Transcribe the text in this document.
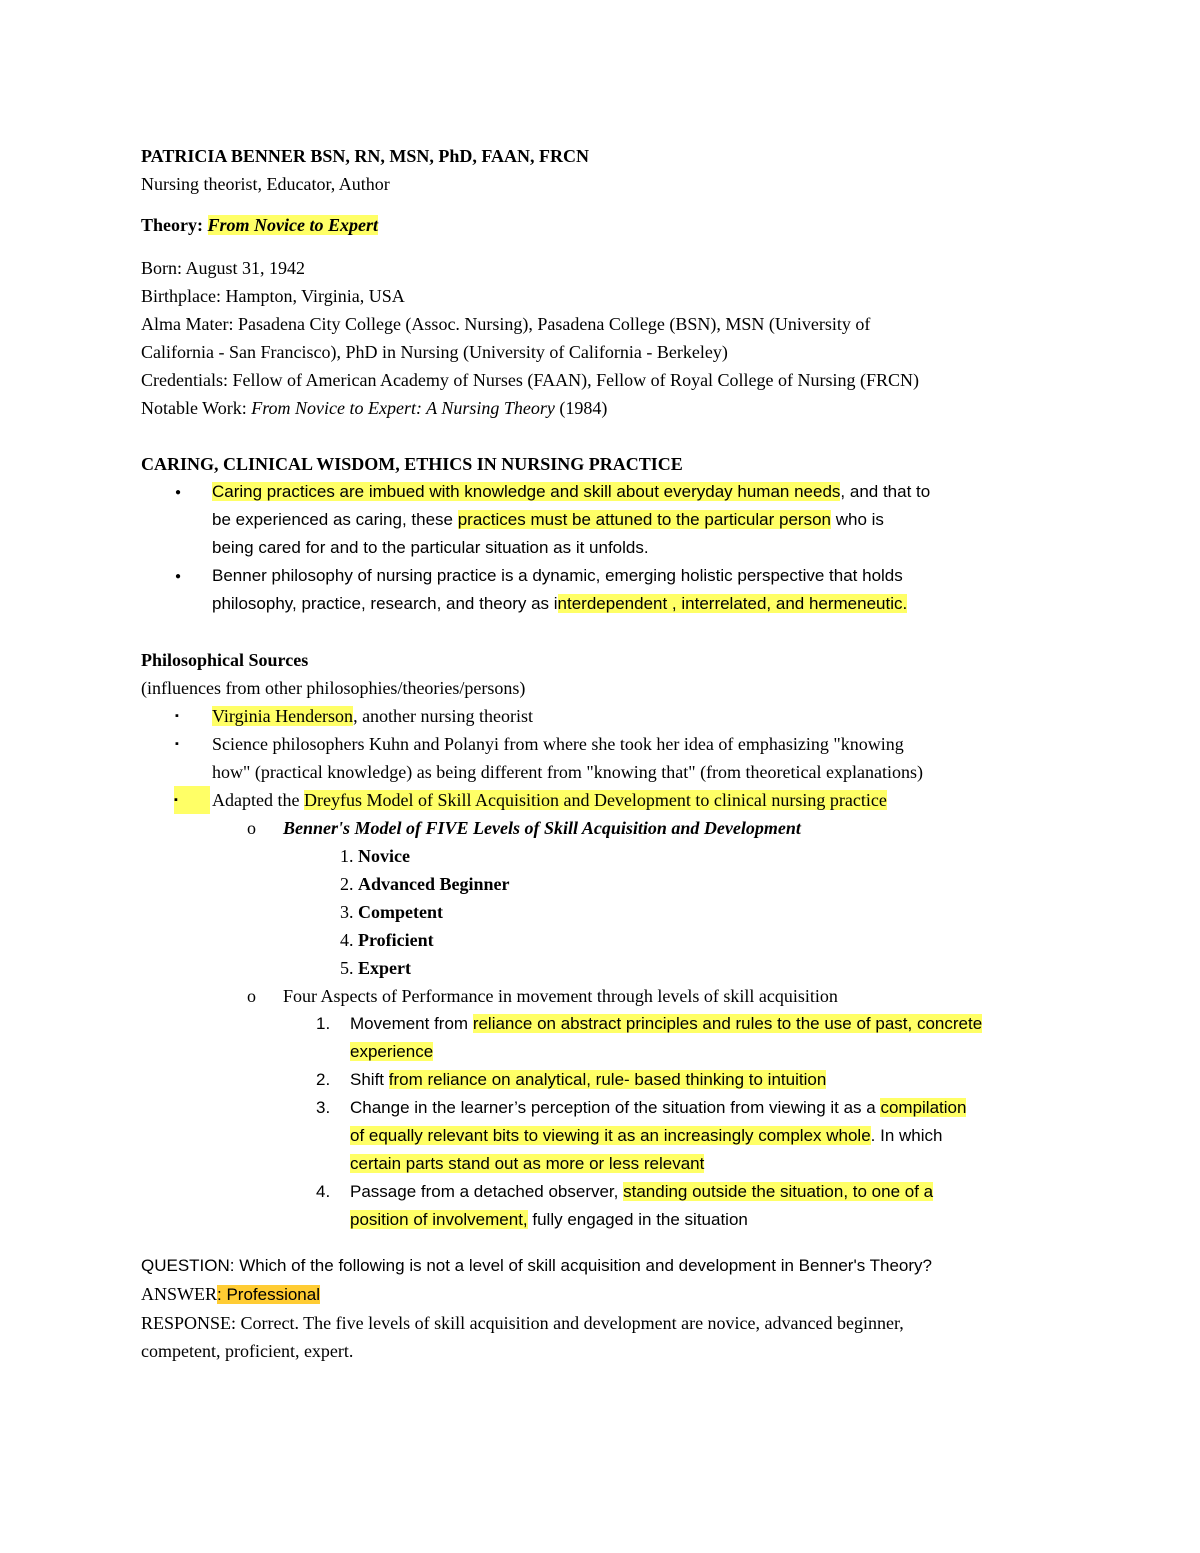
PATRICIA BENNER BSN, RN, MSN, PhD, FAAN, FRCN

Nursing theorist, Educator, Author

Theory: From Novice to Expert

Born: August 31, 1942

Birthplace: Hampton, Virginia, USA

Alma Mater: Pasadena City College (Assoc. Nursing), Pasadena College (BSN), MSN (University of

California - San Francisco), PhD in Nursing (University of California - Berkeley)

Credentials: Fellow of American Academy of Nurses (FAAN), Fellow of Royal College of Nursing (FRCN)

Notable Work: From Novice to Expert: A Nursing Theory (1984)

CARING, CLINICAL WISDOM, ETHICS IN NURSING PRACTICE

●
Caring practices are imbued with knowledge and skill about everyday human needs, and that to
be experienced as caring, these practices must be attuned to the particular person who is
being cared for and to the particular situation as it unfolds.
●
Benner philosophy of nursing practice is a dynamic, emerging holistic perspective that holds
philosophy, practice, research, and theory as interdependent , interrelated, and hermeneutic.

Philosophical Sources

(influences from other philosophies/theories/persons)

▪ Virginia Henderson, another nursing theorist
▪ Science philosophers Kuhn and Polanyi from where she took her idea of emphasizing "knowing
how" (practical knowledge) as being different from "knowing that" (from theoretical explanations)
▪	Adapted the Dreyfus Model of Skill Acquisition and Development to clinical nursing practice
o Benner's Model of FIVE Levels of Skill Acquisition and Development
1. Novice
2. Advanced Beginner
3. Competent
4. Proficient
5. Expert
o Four Aspects of Performance in movement through levels of skill acquisition
1. Movement from reliance on abstract principles and rules to the use of past, concrete
experience
2. Shift from reliance on analytical, rule- based thinking to intuition
3. Change in the learner’s perception of the situation from viewing it as a compilation
of equally relevant bits to viewing it as an increasingly complex whole. In which
certain parts stand out as more or less relevant
4. Passage from a detached observer, standing outside the situation, to one of a
position of involvement, fully engaged in the situation

QUESTION: Which of the following is not a level of skill acquisition and development in Benner's Theory?

ANSWER: Professional

RESPONSE: Correct. The five levels of skill acquisition and development are novice, advanced beginner,

competent, proficient, expert.
